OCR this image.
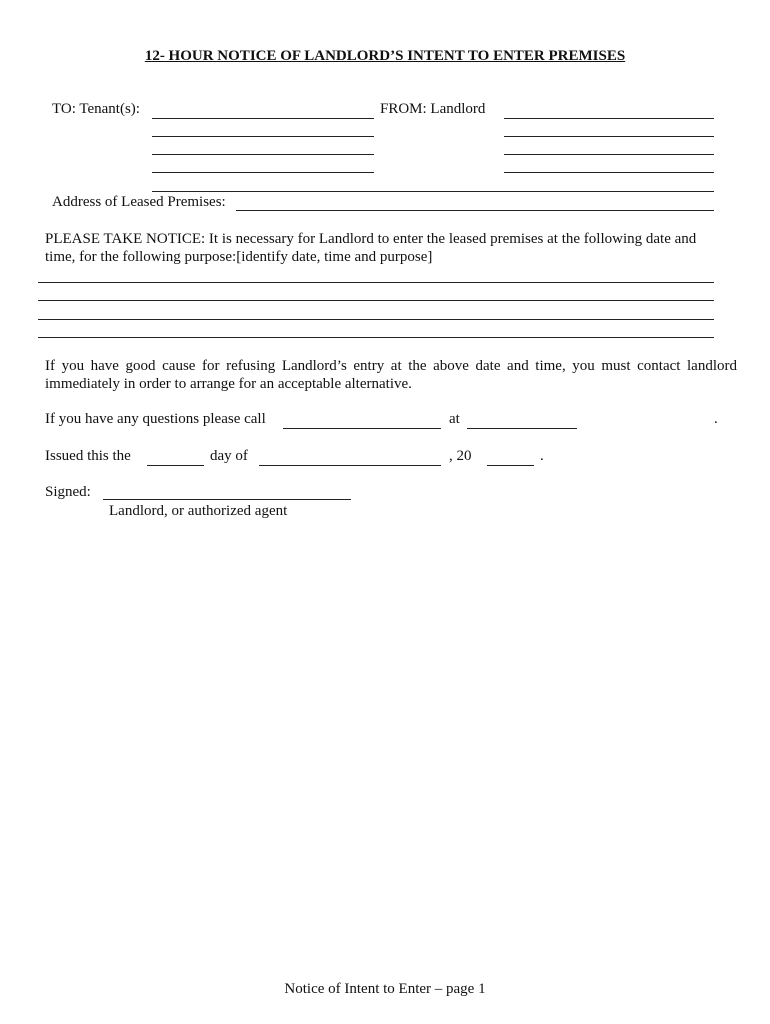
12- HOUR NOTICE OF LANDLORD’S INTENT TO ENTER PREMISES
TO: Tenant(s):	FROM: Landlord
Address of Leased Premises:
PLEASE TAKE NOTICE: It is necessary for Landlord to enter the leased premises at the following date and time, for the following purpose:[identify date, time and purpose]
If you have good cause for refusing Landlord’s entry at the above date and time, you must contact landlord immediately in order to arrange for an acceptable alternative.
If you have any questions please call	at	.
Issued this the	day of	, 20	.
Signed:
Landlord, or authorized agent
Notice of Intent to Enter – page 1
